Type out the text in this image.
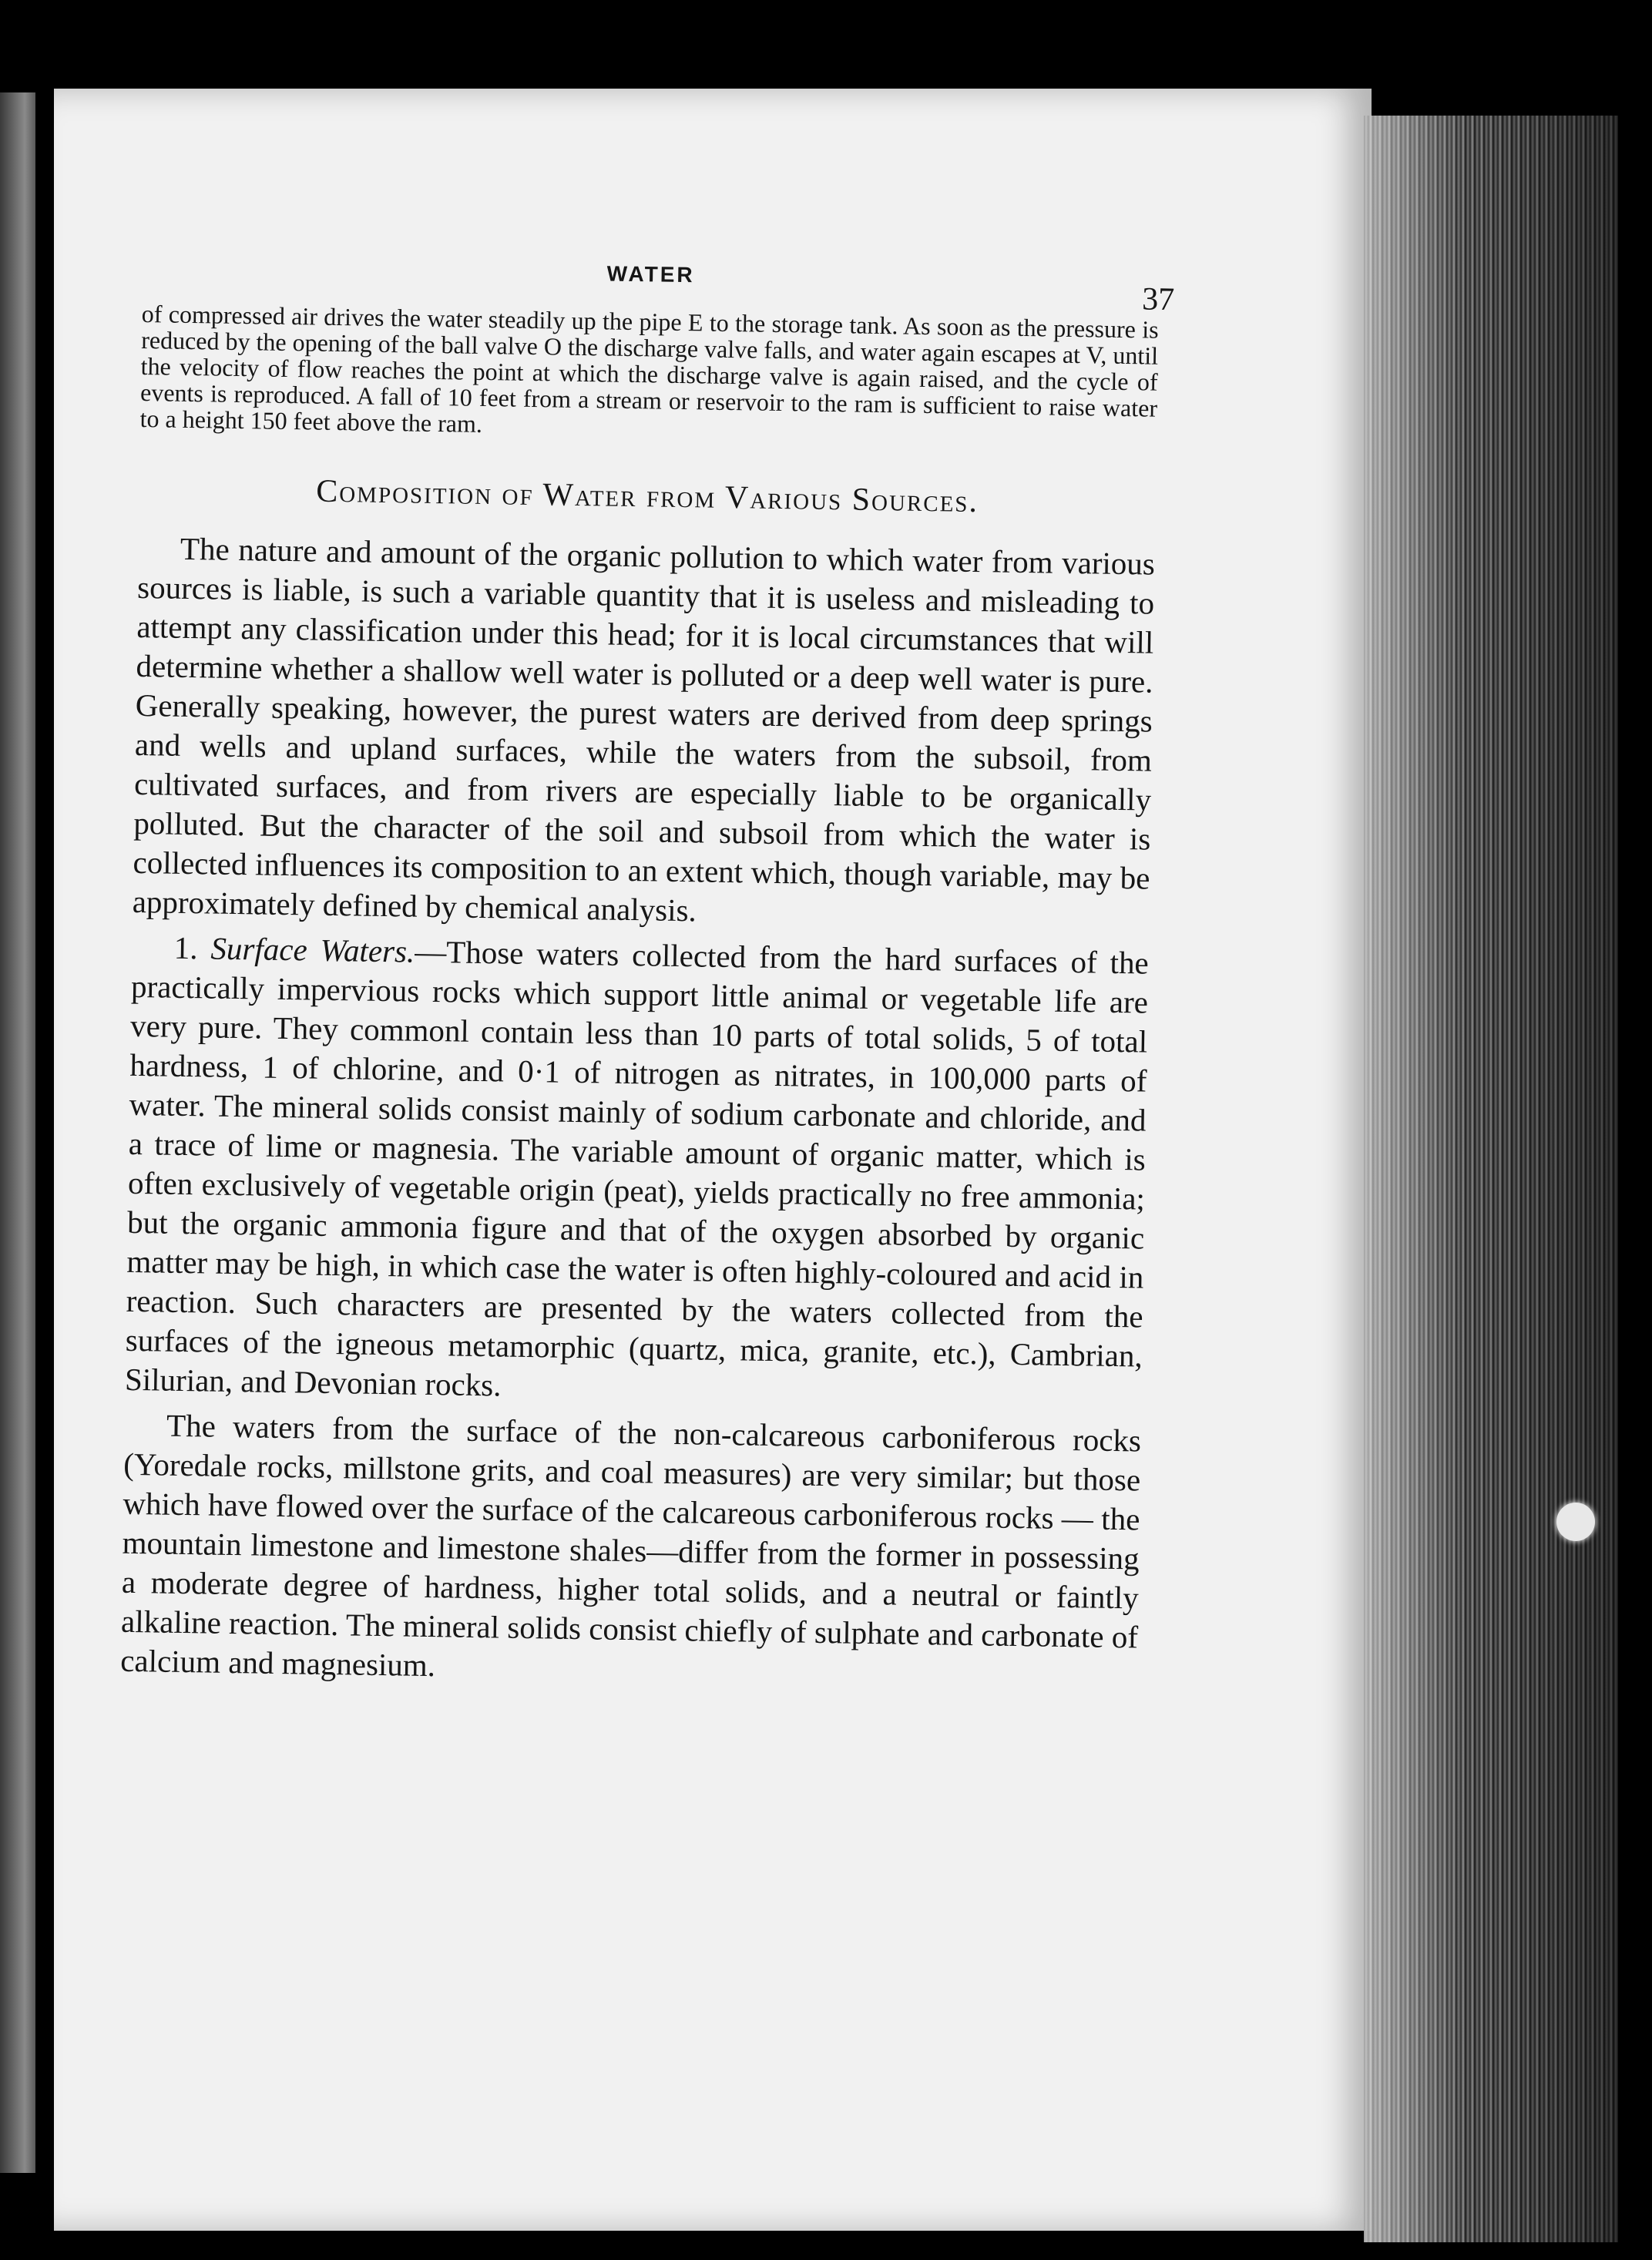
WATER
37

of compressed air drives the water steadily up the pipe E to the storage tank. As soon as the pressure is reduced by the opening of the ball valve O the discharge valve falls, and water again escapes at V, until the velocity of flow reaches the point at which the discharge valve is again raised, and the cycle of events is reproduced. A fall of 10 feet from a stream or reservoir to the ram is sufficient to raise water to a height 150 feet above the ram.

Composition of Water from Various Sources.

The nature and amount of the organic pollution to which water from various sources is liable, is such a variable quantity that it is useless and misleading to attempt any classification under this head; for it is local circumstances that will determine whether a shallow well water is polluted or a deep well water is pure. Generally speaking, however, the purest waters are derived from deep springs and wells and upland surfaces, while the waters from the subsoil, from cultivated surfaces, and from rivers are especially liable to be organically polluted. But the character of the soil and subsoil from which the water is collected influences its composition to an extent which, though variable, may be approximately defined by chemical analysis.

1. Surface Waters.—Those waters collected from the hard surfaces of the practically impervious rocks which support little animal or vegetable life are very pure. They commonl contain less than 10 parts of total solids, 5 of total hardness, 1 of chlorine, and 0·1 of nitrogen as nitrates, in 100,000 parts of water. The mineral solids consist mainly of sodium carbonate and chloride, and a trace of lime or magnesia. The variable amount of organic matter, which is often exclusively of vegetable origin (peat), yields practically no free ammonia; but the organic ammonia figure and that of the oxygen absorbed by organic matter may be high, in which case the water is often highly-coloured and acid in reaction. Such characters are presented by the waters collected from the surfaces of the igneous metamorphic (quartz, mica, granite, etc.), Cambrian, Silurian, and Devonian rocks.

The waters from the surface of the non-calcareous carboniferous rocks (Yoredale rocks, millstone grits, and coal measures) are very similar; but those which have flowed over the surface of the calcareous carboniferous rocks — the mountain limestone and limestone shales—differ from the former in possessing a moderate degree of hardness, higher total solids, and a neutral or faintly alkaline reaction. The mineral solids consist chiefly of sulphate and carbonate of calcium and magnesium.
